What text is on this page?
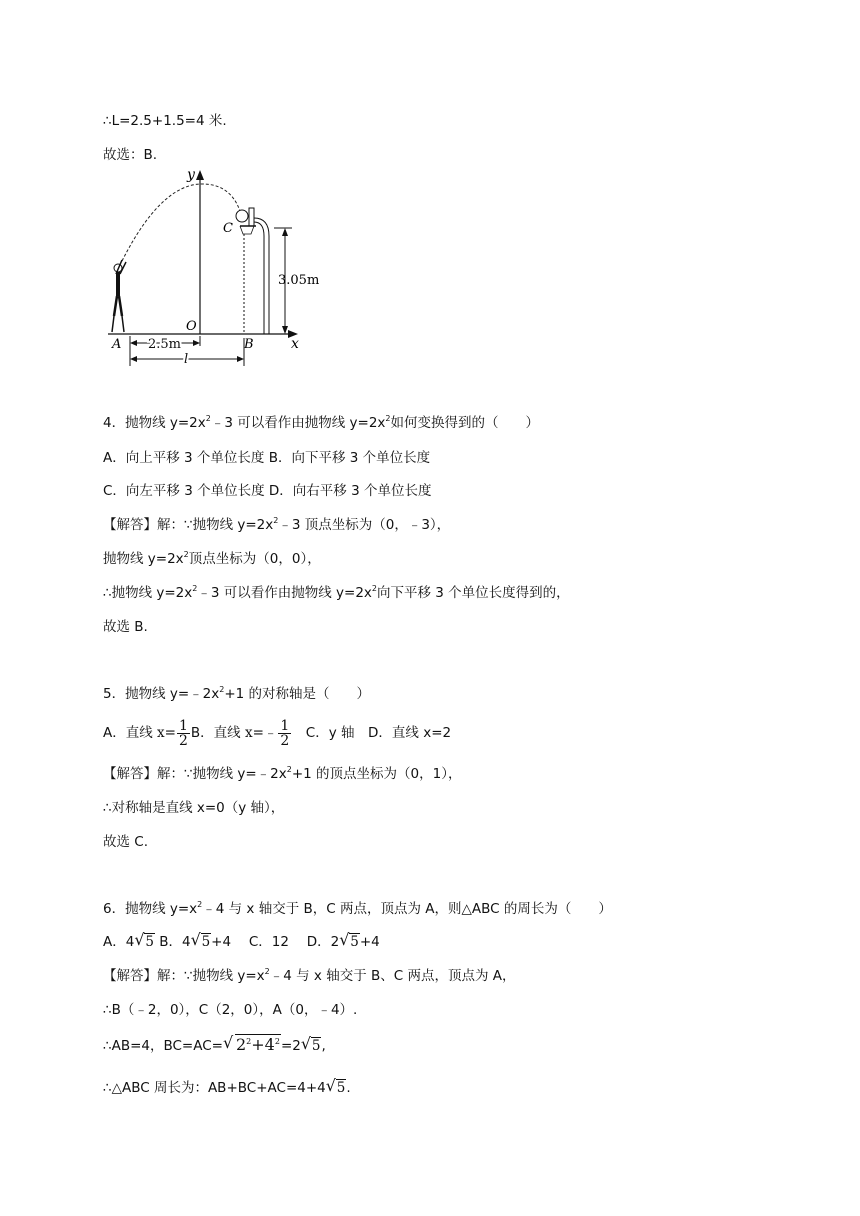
∴L=2.5+1.5=4 米.
故选：B.
y
x
O
A
C
B
3.05m
2.5m
l
4．抛物线 $y=2x^2﹣3$ 可以看作由抛物线 $y=2x^2$如何变换得到的（　　）
A．向上平移 3 个单位长度 B．向下平移 3 个单位长度
C．向左平移 3 个单位长度 D．向右平移 3 个单位长度
【解答】解：∵抛物线 $y=2x^2﹣3$ 顶点坐标为（0，﹣3），
抛物线 $y=2x^2$顶点坐标为（0，0），
∴抛物线 $y=2x^2﹣3$ 可以看作由抛物线 $y=2x^2$向下平移 3 个单位长度得到的，
故选 B.
5．抛物线 $y=﹣2x^2+1$ 的对称轴是（　　）
A．直线 $x= \frac{1}{2}$ B．直线 x=﹣ $\frac{1}{2}$ 　C．y 轴　D．直线 x=2
【解答】解：∵抛物线 $y=﹣2x^2+1$ 的顶点坐标为（0，1），
∴对称轴是直线 x=0（y 轴），
故选 C.
6．抛物线 $y=x^2﹣4$ 与 x 轴交于 B，C 两点，顶点为 A，则△ABC 的周长为（　　）
A．4√ 5 B．4√ 5+4　 C．12　 D．2√ 5+4
【解答】解：∵抛物线 $y=x^2﹣4$ 与 x 轴交于 B、C 两点，顶点为 A，
∴B（﹣2，0），C（2，0），A（0，﹣4）.
∴AB=4，BC=AC=√ $2^2+4^2=2√$ 5,
∴△ABC 周长为：AB+BC+AC=4+4√ 5.
